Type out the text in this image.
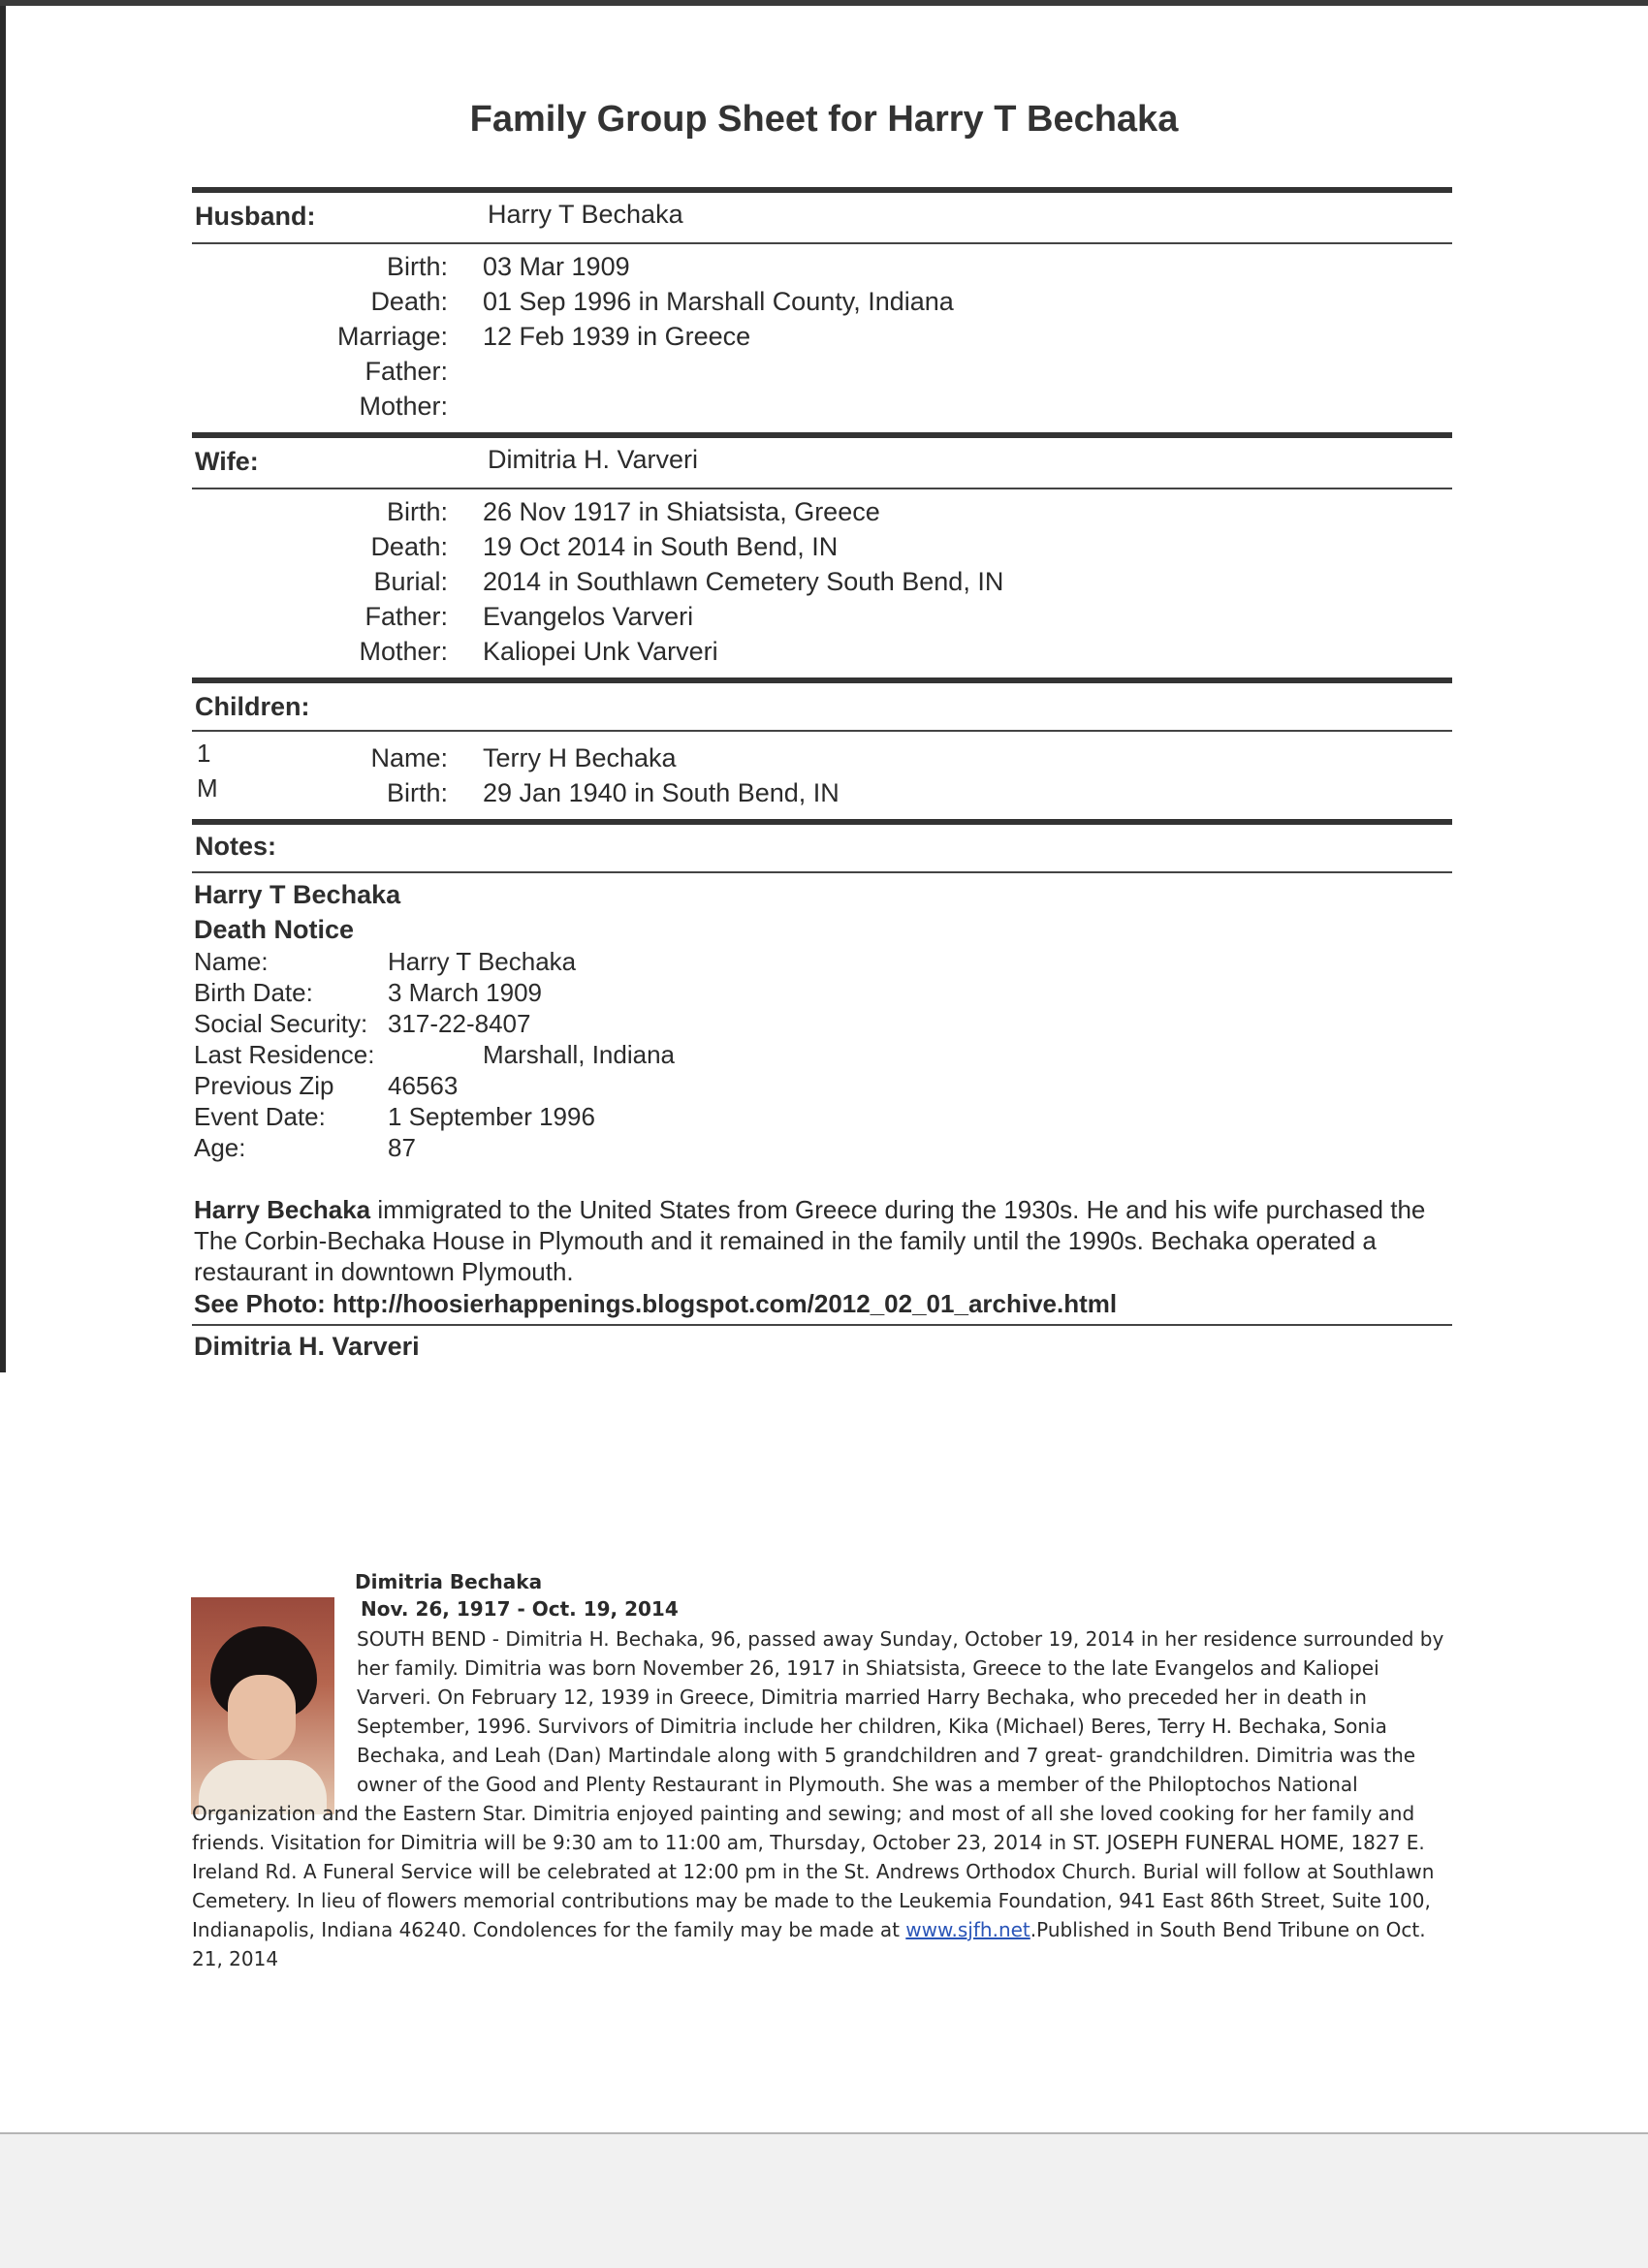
Family Group Sheet for Harry T Bechaka
Husband:	Harry T Bechaka
Birth: 03 Mar 1909
Death: 01 Sep 1996 in Marshall County, Indiana
Marriage: 12 Feb 1939 in Greece
Father:
Mother:
Wife:	Dimitria H. Varveri
Birth: 26 Nov 1917 in Shiatsista, Greece
Death: 19 Oct 2014 in South Bend, IN
Burial: 2014 in Southlawn Cemetery South Bend, IN
Father: Evangelos Varveri
Mother: Kaliopei Unk Varveri
Children:
1
M
Name: Terry H Bechaka
Birth: 29 Jan 1940 in South Bend, IN
Notes:
Harry T Bechaka
Death Notice
Name:	Harry T Bechaka
Birth Date:	3 March 1909
Social Security: 317-22-8407
Last Residence:	Marshall, Indiana
Previous Zip 46563
Event Date: 1 September 1996
Age:	87

Harry Bechaka immigrated to the United States from Greece during the 1930s. He and his wife purchased the The Corbin-Bechaka House in Plymouth and it remained in the family until the 1990s. Bechaka operated a restaurant in downtown Plymouth.

See Photo: http://hoosierhappenings.blogspot.com/2012_02_01_archive.html
Dimitria H. Varveri
Dimitria Bechaka
Nov. 26, 1917 - Oct. 19, 2014

SOUTH BEND - Dimitria H. Bechaka, 96, passed away Sunday, October 19, 2014 in her residence surrounded by her family. Dimitria was born November 26, 1917 in Shiatsista, Greece to the late Evangelos and Kaliopei Varveri. On February 12, 1939 in Greece, Dimitria married Harry Bechaka, who preceded her in death in September, 1996. Survivors of Dimitria include her children, Kika (Michael) Beres, Terry H. Bechaka, Sonia Bechaka, and Leah (Dan) Martindale along with 5 grandchildren and 7 great- grandchildren. Dimitria was the owner of the Good and Plenty Restaurant in Plymouth. She was a member of the Philoptochos National Organization and the Eastern Star. Dimitria enjoyed painting and sewing; and most of all she loved cooking for her family and friends. Visitation for Dimitria will be 9:30 am to 11:00 am, Thursday, October 23, 2014 in ST. JOSEPH FUNERAL HOME, 1827 E. Ireland Rd. A Funeral Service will be celebrated at 12:00 pm in the St. Andrews Orthodox Church. Burial will follow at Southlawn Cemetery. In lieu of flowers memorial contributions may be made to the Leukemia Foundation, 941 East 86th Street, Suite 100, Indianapolis, Indiana 46240. Condolences for the family may be made at www.sjfh.net.Published in South Bend Tribune on Oct. 21, 2014
